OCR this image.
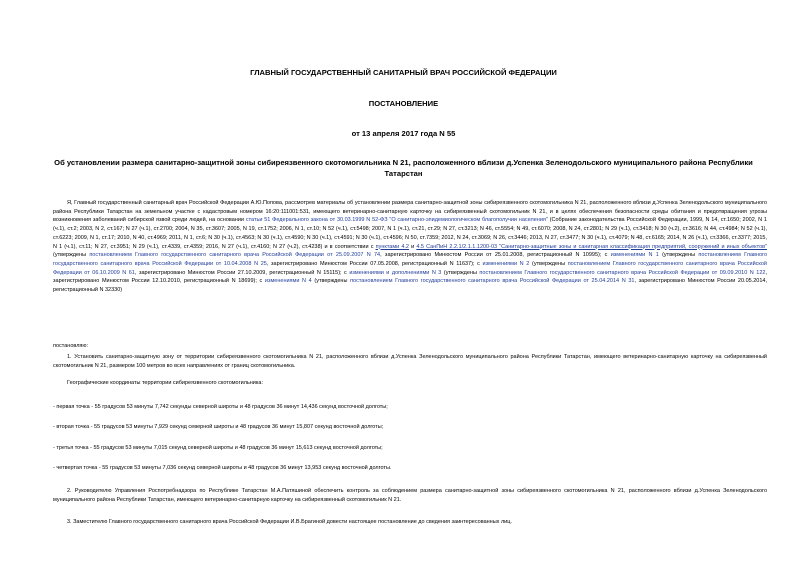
ГЛАВНЫЙ ГОСУДАРСТВЕННЫЙ САНИТАРНЫЙ ВРАЧ РОССИЙСКОЙ ФЕДЕРАЦИИ

ПОСТАНОВЛЕНИЕ

от 13 апреля 2017 года N 55

Об установлении размера санитарно-защитной зоны сибиреязвенного скотомогильника N 21, расположенного вблизи д.Успенка Зеленодольского муниципального района Республики Татарстан

Я, Главный государственный санитарный врач Российской Федерации А.Ю.Попова, рассмотрев материалы об установлении размера санитарно-защитной зоны сибиреязвенного скотомогильника N 21, расположенного вблизи д.Успенка Зеленодольского муниципального района Республики Татарстан на земельном участке с кадастровым номером 16:20:111001:531, имеющего ветеринарно-санитарную карточку на сибиреязвенный скотомогильник N 21, и в целях обеспечения безопасности среды обитания и предотвращения угрозы возникновения заболеваний сибирской язвой среди людей, на основании статьи 51 Федерального закона от 30.03.1999 N 52-ФЗ "О санитарно-эпидемиологическом благополучии населения" (Собрание законодательства Российской Федерации, 1999, N 14, ст.1650; 2002, N 1 (ч.1), ст.2; 2003, N 2, ст.167; N 27 (ч.1), ст.2700; 2004, N 35, ст.3607; 2005, N 19, ст.1752; 2006, N 1, ст.10; N 52 (ч.1), ст.5498; 2007, N 1 (ч.1), ст.21, ст.29; N 27, ст.3213; N 46, ст.5554; N 49, ст.6070; 2008, N 24, ст.2801; N 29 (ч.1), ст.3418; N 30 (ч.2), ст.3616; N 44, ст.4984; N 52 (ч.1), ст.6223; 2009, N 1, ст.17; 2010, N 40, ст.4969; 2011, N 1, ст.6; N 30 (ч.1), ст.4563; N 30 (ч.1), ст.4590; N 30 (ч.1), ст.4591; N 30 (ч.1), ст.4596; N 50, ст.7359; 2012, N 24, ст.3069; N 26, ст.3446; 2013, N 27, ст.3477; N 30 (ч.1), ст.4079; N 48, ст.6165; 2014, N 26 (ч.1), ст.3366, ст.3377; 2015, N 1 (ч.1), ст.11; N 27, ст.3951; N 29 (ч.1), ст.4339, ст.4359; 2016, N 27 (ч.1), ст.4160; N 27 (ч.2), ст.4238) и в соответствии с пунктами 4.2 и 4.5 СанПиН 2.2.1/2.1.1.1200-03 "Санитарно-защитные зоны и санитарная классификация предприятий, сооружений и иных объектов" (утверждены постановлением Главного государственного санитарного врача Российской Федерации от 25.09.2007 N 74, зарегистрировано Минюстом России от 25.01.2008, регистрационный N 10995); с изменениями N 1 (утверждены постановлением Главного государственного санитарного врача Российской Федерации от 10.04.2008 N 25, зарегистрировано Минюстом России 07.05.2008, регистрационный N 11637); с изменениями N 2 (утверждены постановлением Главного государственного санитарного врача Российской Федерации от 06.10.2009 N 61, зарегистрировано Минюстом России 27.10.2009, регистрационный N 15115); с изменениями и дополнениями N 3 (утверждены постановлением Главного государственного санитарного врача Российской Федерации от 09.09.2010 N 122, зарегистрировано Минюстом России 12.10.2010, регистрационный N 18699); с изменениями N 4 (утверждены постановлением Главного государственного санитарного врача Российской Федерации от 25.04.2014 N 31, зарегистрировано Минюстом России 20.05.2014, регистрационный N 32330)

постановляю:

1. Установить санитарно-защитную зону от территории сибиреязвенного скотомогильника N 21, расположенного вблизи д.Успенка Зеленодольского муниципального района Республики Татарстан, имеющего ветеринарно-санитарную карточку на сибиреязвенный скотомогильник N 21, размером 100 метров во всех направлениях от границ скотомогильника.

Географические координаты территории сибиреязвенного скотомогильника:

- первая точка - 55 градусов 53 минуты 7,742 секунды северной широты и 48 градусов 36 минут 14,436 секунд восточной долготы;

- вторая точка - 55 градусов 53 минуты 7,929 секунд северной широты и 48 градусов 36 минут 15,807 секунд восточной долготы;

- третья точка - 55 градусов 53 минуты 7,015 секунд северной широты и 48 градусов 36 минут 15,613 секунд восточной долготы;

- четвертая точка - 55 градусов 53 минуты 7,036 секунд северной широты и 48 градусов 36 минут 13,953 секунд восточной долготы.

2. Руководителю Управления Роспотребнадзора по Республике Татарстан М.А.Патяшиной обеспечить контроль за соблюдением размера санитарно-защитной зоны сибиреязвенного скотомогильника N 21, расположенного вблизи д.Успенка Зеленодольского муниципального района Республики Татарстан, имеющего ветеринарно-санитарную карточку на сибиреязвенный скотомогильник N 21.

3. Заместителю Главного государственного санитарного врача Российской Федерации И.В.Брагиной довести настоящее постановление до сведения заинтересованных лиц.
